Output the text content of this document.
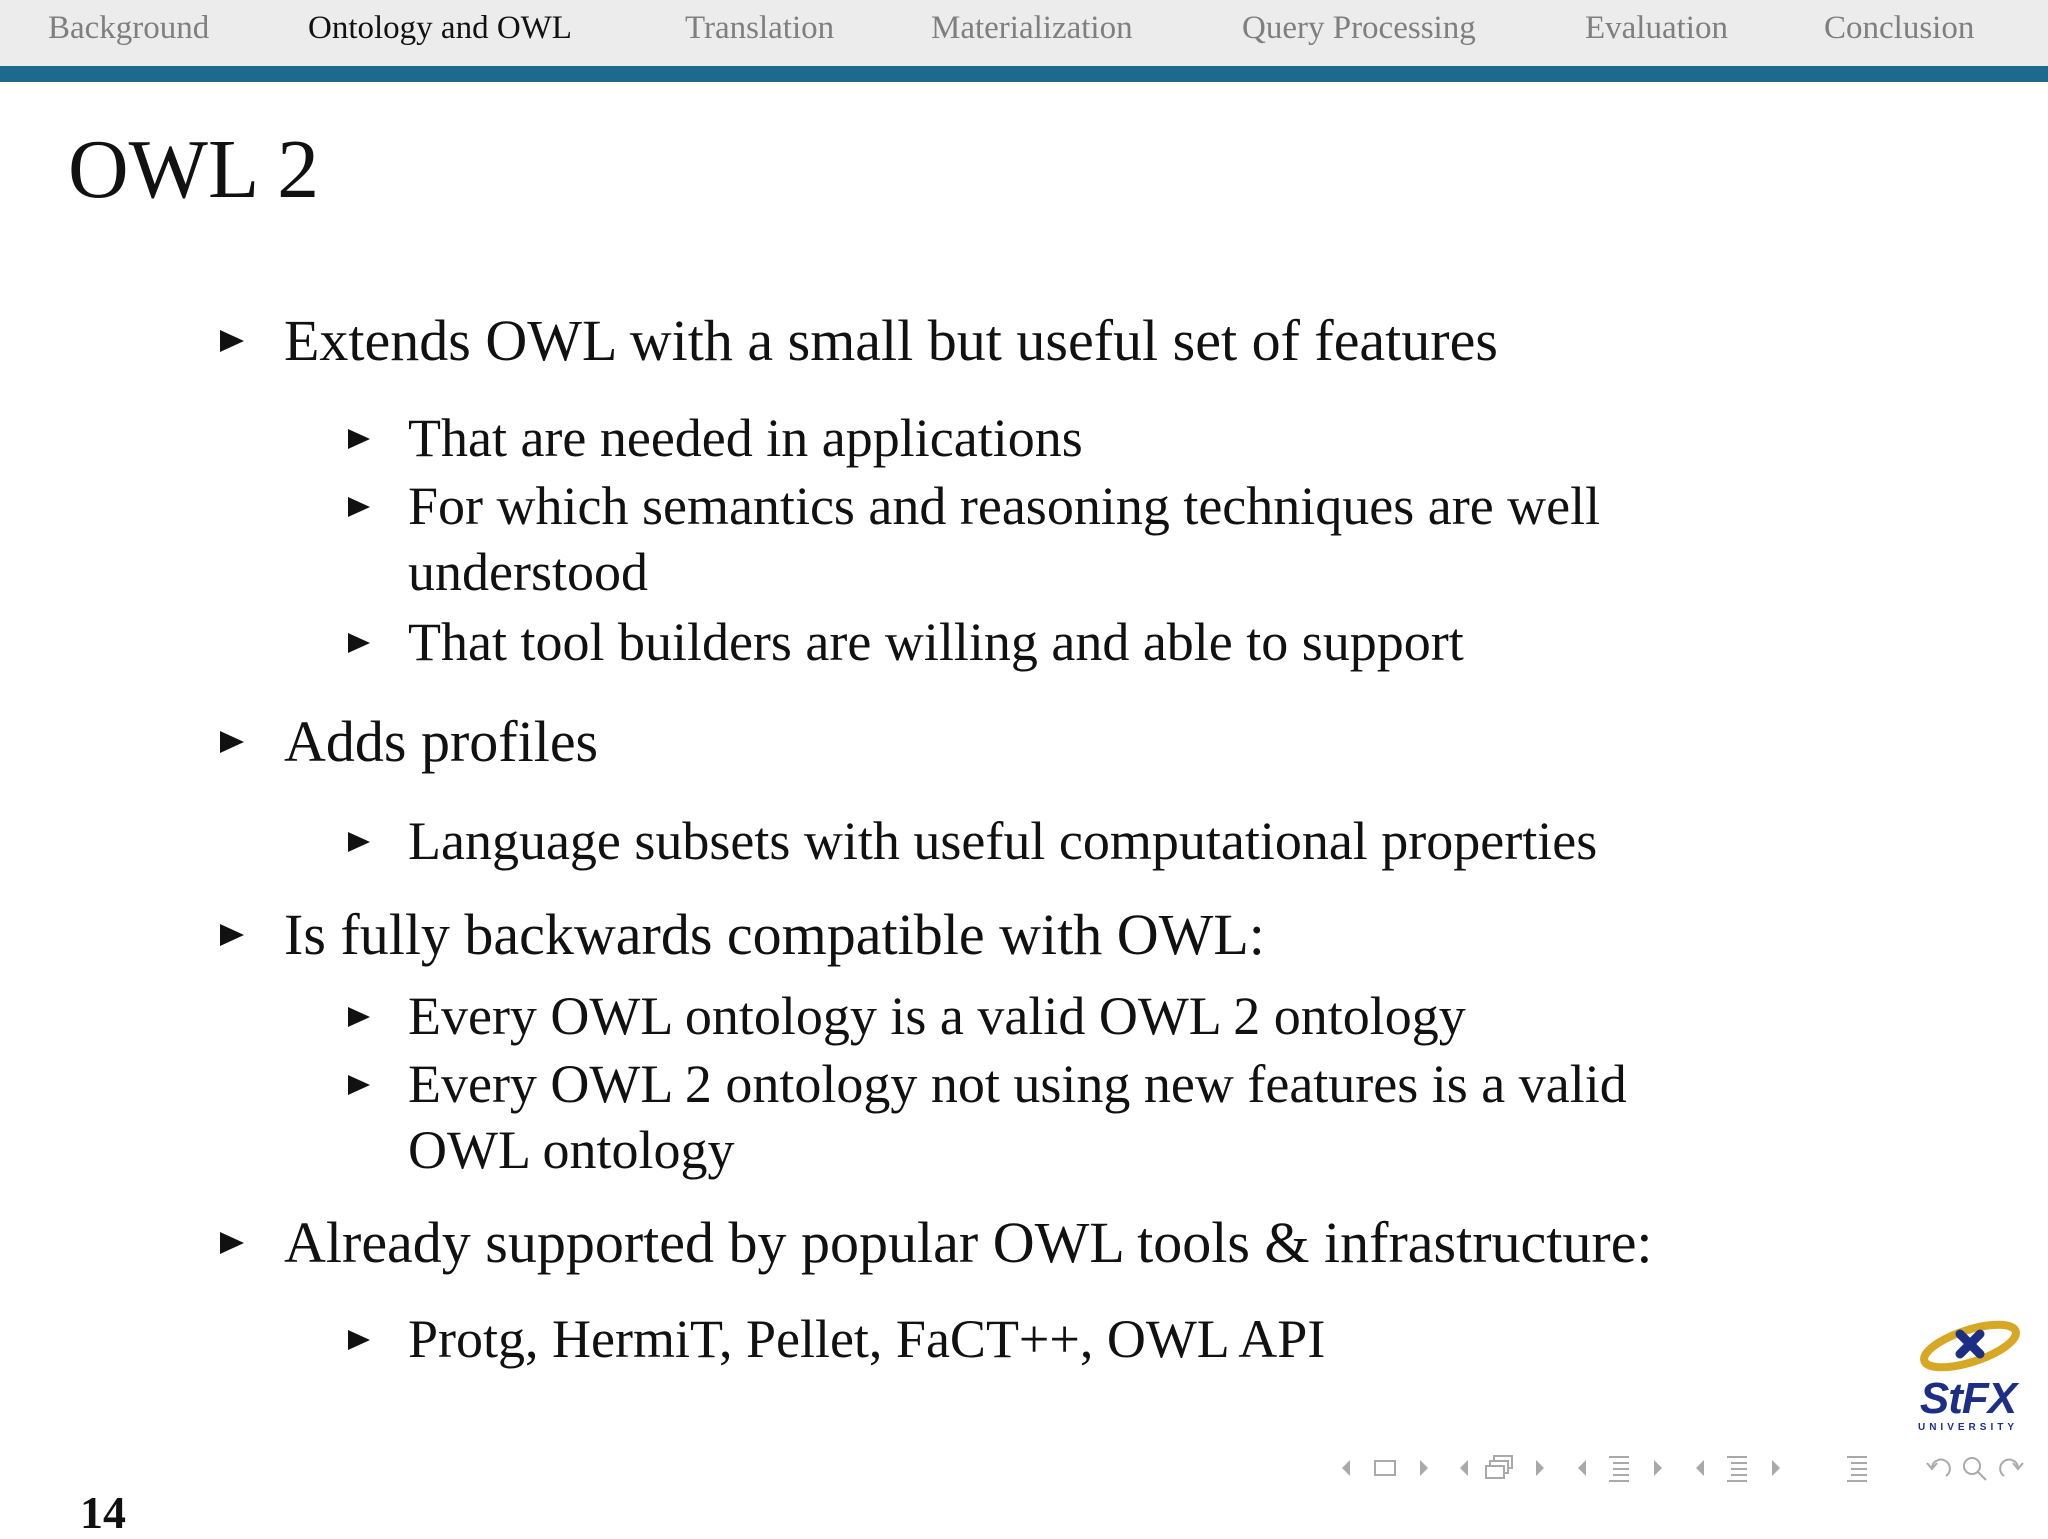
Background	Ontology and OWL	Translation	Materialization	Query Processing	Evaluation	Conclusion
OWL 2
Extends OWL with a small but useful set of features
That are needed in applications
For which semantics and reasoning techniques are well
understood
That tool builders are willing and able to support
Adds profiles
Language subsets with useful computational properties
Is fully backwards compatible with OWL:
Every OWL ontology is a valid OWL 2 ontology
Every OWL 2 ontology not using new features is a valid
OWL ontology
Already supported by popular OWL tools & infrastructure:
Protg, HermiT, Pellet, FaCT++, OWL API
StFX
UNIVERSITY
14
